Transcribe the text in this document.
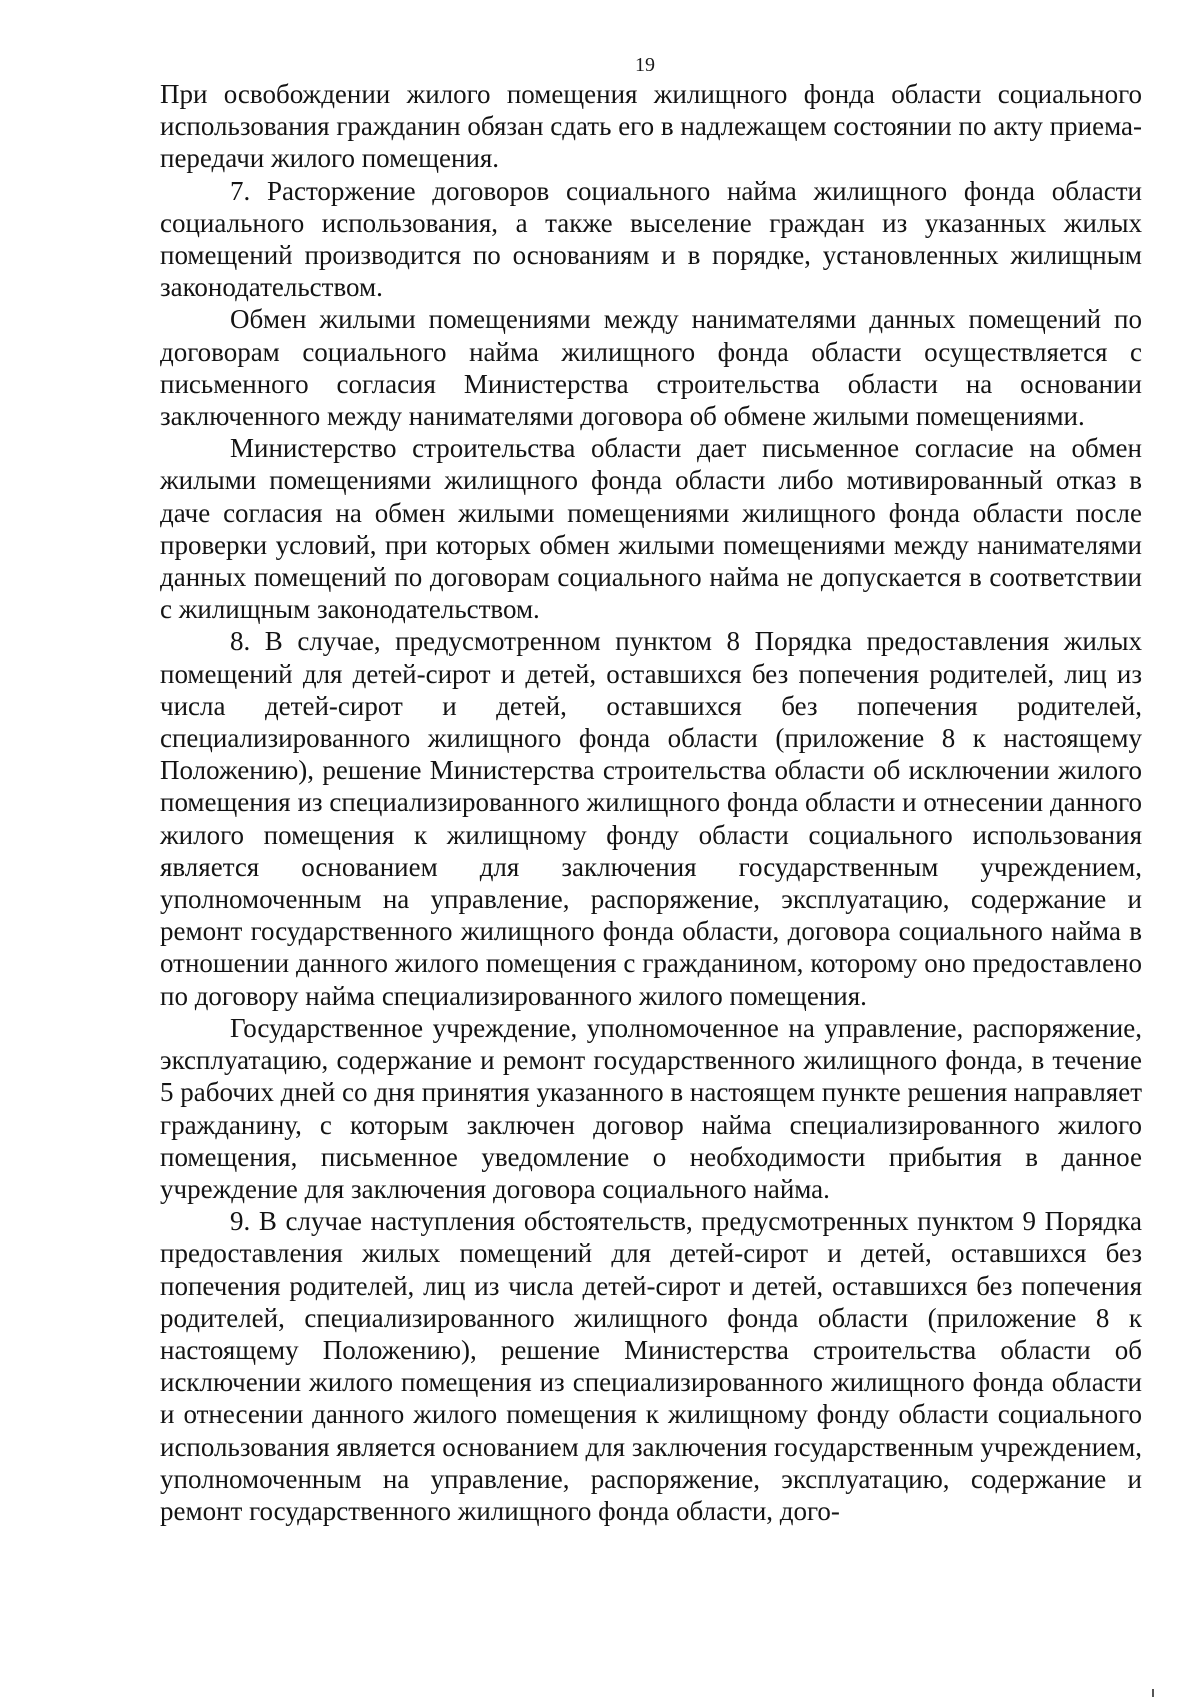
19

При освобождении жилого помещения жилищного фонда области социального использования гражданин обязан сдать его в надлежащем состоянии по акту приема-передачи жилого помещения.

7. Расторжение договоров социального найма жилищного фонда области социального использования, а также выселение граждан из указанных жилых помещений производится по основаниям и в порядке, установленных жилищным законодательством.

Обмен жилыми помещениями между нанимателями данных помещений по договорам социального найма жилищного фонда области осуществляется с письменного согласия Министерства строительства области на основании заключенного между нанимателями договора об обмене жилыми помещениями.

Министерство строительства области дает письменное согласие на обмен жилыми помещениями жилищного фонда области либо мотивированный отказ в даче согласия на обмен жилыми помещениями жилищного фонда области после проверки условий, при которых обмен жилыми помещениями между нанимателями данных помещений по договорам социального найма не допускается в соответствии с жилищным законодательством.

8. В случае, предусмотренном пунктом 8 Порядка предоставления жилых помещений для детей-сирот и детей, оставшихся без попечения родителей, лиц из числа детей-сирот и детей, оставшихся без попечения родителей, специализированного жилищного фонда области (приложение 8 к настоящему Положению), решение Министерства строительства области об исключении жилого помещения из специализированного жилищного фонда области и отнесении данного жилого помещения к жилищному фонду области социального использования является основанием для заключения государственным учреждением, уполномоченным на управление, распоряжение, эксплуатацию, содержание и ремонт государственного жилищного фонда области, договора социального найма в отношении данного жилого помещения с гражданином, которому оно предоставлено по договору найма специализированного жилого помещения.

Государственное учреждение, уполномоченное на управление, распоряжение, эксплуатацию, содержание и ремонт государственного жилищного фонда, в течение 5 рабочих дней со дня принятия указанного в настоящем пункте решения направляет гражданину, с которым заключен договор найма специализированного жилого помещения, письменное уведомление о необходимости прибытия в данное учреждение для заключения договора социального найма.

9. В случае наступления обстоятельств, предусмотренных пунктом 9 Порядка предоставления жилых помещений для детей-сирот и детей, оставшихся без попечения родителей, лиц из числа детей-сирот и детей, оставшихся без попечения родителей, специализированного жилищного фонда области (приложение 8 к настоящему Положению), решение Министерства строительства области об исключении жилого помещения из специализированного жилищного фонда области и отнесении данного жилого помещения к жилищному фонду области социального использования является основанием для заключения государственным учреждением, уполномоченным на управление, распоряжение, эксплуатацию, содержание и ремонт государственного жилищного фонда области, дого-
